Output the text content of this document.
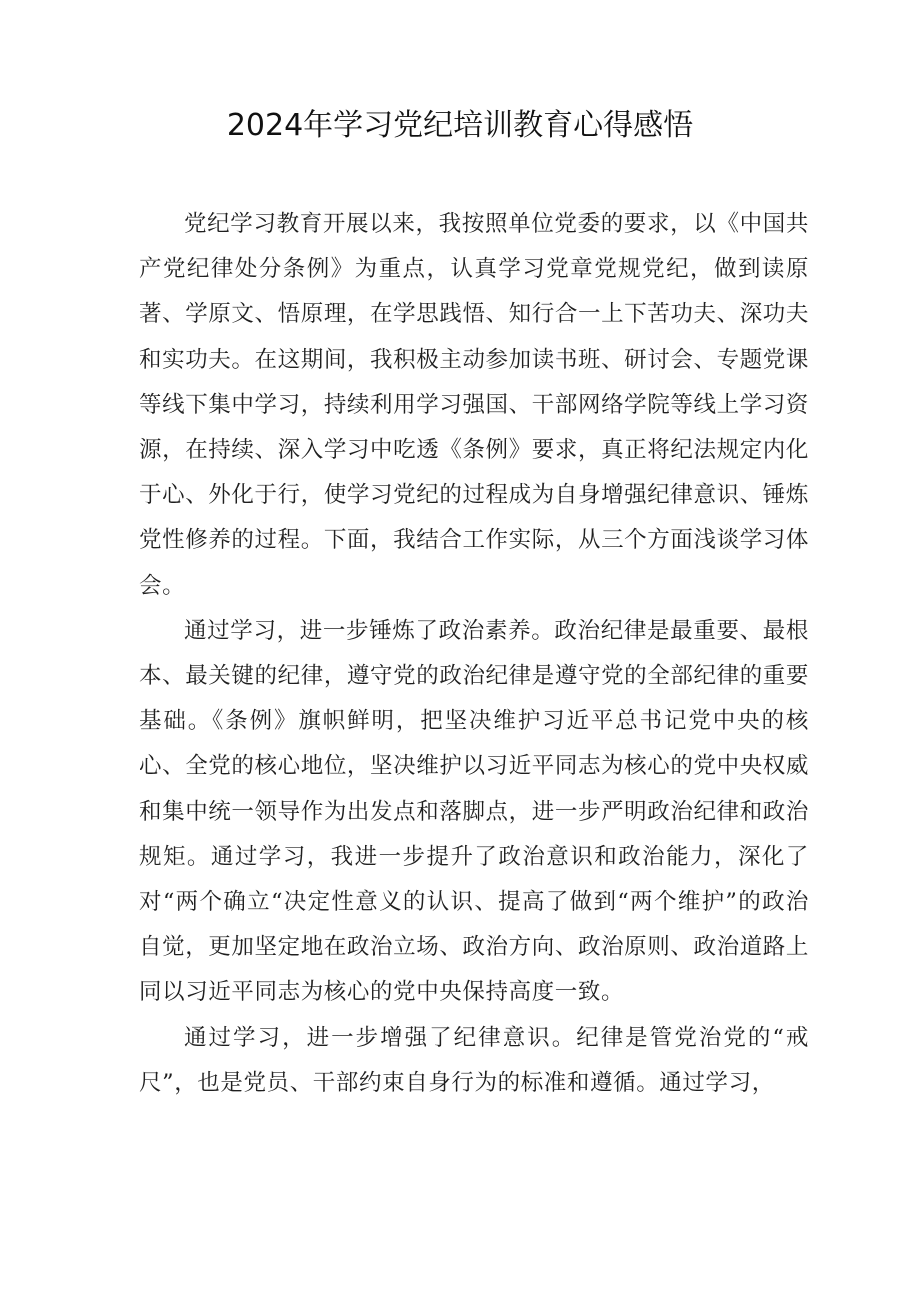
2024年学习党纪培训教育心得感悟

党纪学习教育开展以来，我按照单位党委的要求，以《中国共产党纪律处分条例》为重点，认真学习党章党规党纪，做到读原著、学原文、悟原理，在学思践悟、知行合一上下苦功夫、深功夫和实功夫。在这期间，我积极主动参加读书班、研讨会、专题党课等线下集中学习，持续利用学习强国、干部网络学院等线上学习资源，在持续、深入学习中吃透《条例》要求，真正将纪法规定内化于心、外化于行，使学习党纪的过程成为自身增强纪律意识、锤炼党性修养的过程。下面，我结合工作实际，从三个方面浅谈学习体会。

通过学习，进一步锤炼了政治素养。政治纪律是最重要、最根本、最关键的纪律，遵守党的政治纪律是遵守党的全部纪律的重要基础。《条例》旗帜鲜明，把坚决维护习近平总书记党中央的核心、全党的核心地位，坚决维护以习近平同志为核心的党中央权威和集中统一领导作为出发点和落脚点，进一步严明政治纪律和政治规矩。通过学习，我进一步提升了政治意识和政治能力，深化了对“两个确立“决定性意义的认识、提高了做到“两个维护”的政治自觉，更加坚定地在政治立场、政治方向、政治原则、政治道路上同以习近平同志为核心的党中央保持高度一致。

通过学习，进一步增强了纪律意识。纪律是管党治党的“戒尺”，也是党员、干部约束自身行为的标准和遵循。通过学习，
